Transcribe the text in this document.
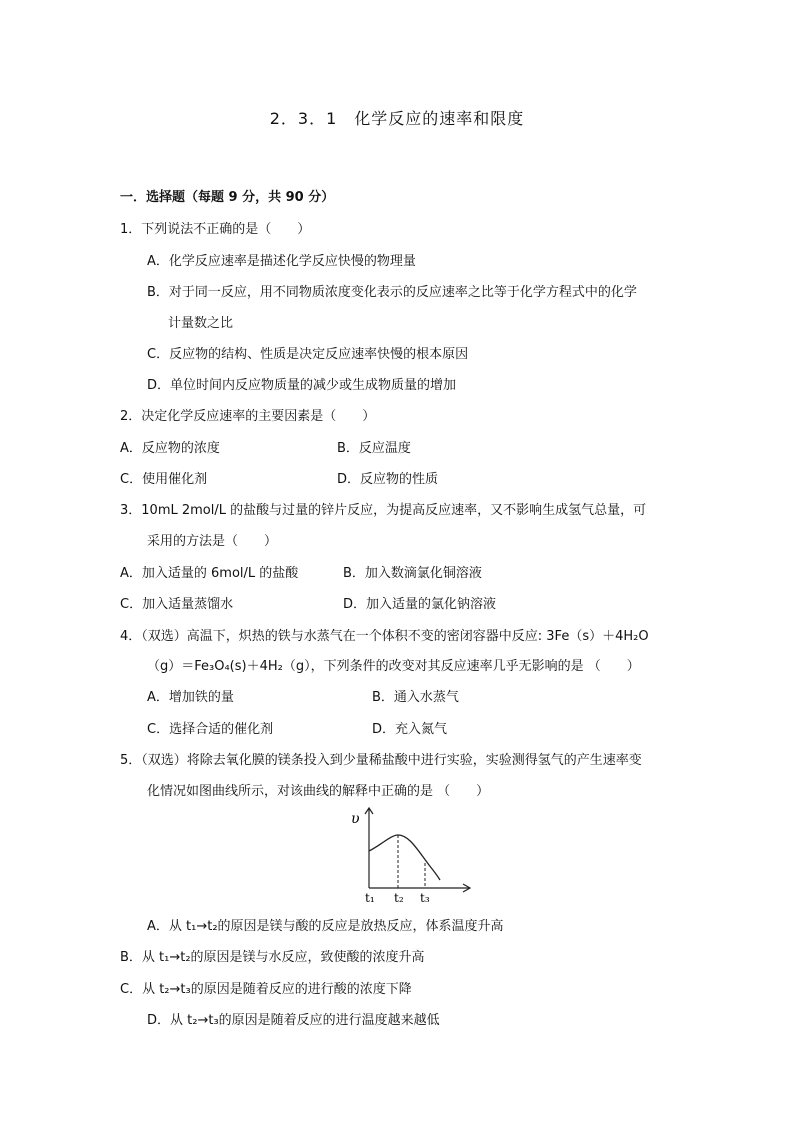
2．3．1　化学反应的速率和限度
一．选择题（每题 9 分，共 90 分）
1．下列说法不正确的是（　　）
A．化学反应速率是描述化学反应快慢的物理量
B．对于同一反应，用不同物质浓度变化表示的反应速率之比等于化学方程式中的化学
计量数之比
C．反应物的结构、性质是决定反应速率快慢的根本原因
D．单位时间内反应物质量的减少或生成物质量的增加
2．决定化学反应速率的主要因素是（　　）
A．反应物的浓度	B．反应温度
C．使用催化剂	D．反应物的性质
3．10mL 2mol/L 的盐酸与过量的锌片反应，为提高反应速率，又不影响生成氢气总量，可
采用的方法是（　　）
A．加入适量的 6mol/L 的盐酸	B．加入数滴氯化铜溶液
C．加入适量蒸馏水	D．加入适量的氯化钠溶液
4．（双选）高温下，炽热的铁与水蒸气在一个体积不变的密闭容器中反应: 3Fe（s）＋4H₂O
（g）＝Fe₃O₄(s)＋4H₂（g），下列条件的改变对其反应速率几乎无影响的是 （　　）
A．增加铁的量	B．通入水蒸气
C．选择合适的催化剂	D．充入氮气
5．（双选）将除去氧化膜的镁条投入到少量稀盐酸中进行实验，实验测得氢气的产生速率变
化情况如图曲线所示，对该曲线的解释中正确的是 （　　）
υ
t₁ t₂ t₃
A．从 t₁→t₂的原因是镁与酸的反应是放热反应，体系温度升高
B．从 t₁→t₂的原因是镁与水反应，致使酸的浓度升高
C．从 t₂→t₃的原因是随着反应的进行酸的浓度下降
D．从 t₂→t₃的原因是随着反应的进行温度越来越低
